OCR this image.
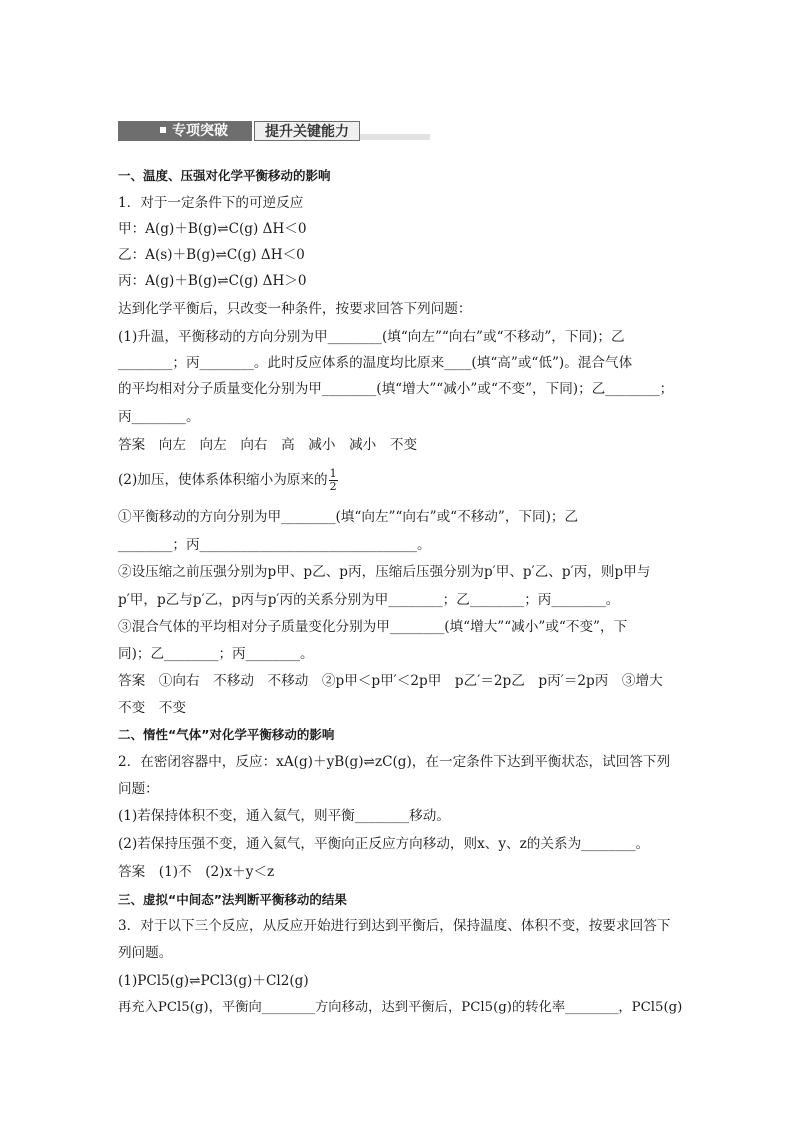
专项突破	提升关键能力

一、温度、压强对化学平衡移动的影响

1．对于一定条件下的可逆反应

甲：A(g)＋B(g)⇌C(g) ΔH＜0

乙：A(s)＋B(g)⇌C(g) ΔH＜0

丙：A(g)＋B(g)⇌C(g) ΔH＞0

达到化学平衡后，只改变一种条件，按要求回答下列问题：

(1)升温，平衡移动的方向分别为甲________(填“向左”“向右”或“不移动”，下同)；乙

________；丙________。此时反应体系的温度均比原来____(填“高”或“低”)。混合气体

的平均相对分子质量变化分别为甲________(填“增大”“减小”或“不变”，下同)；乙________；

丙________。

答案　向左　向左　向右　高　减小　减小　不变

(2)加压，使体系体积缩小为原来的 $\frac{1}{2}$

①平衡移动的方向分别为甲________(填“向左”“向右”或“不移动”，下同)；乙

________；丙________________________________。

②设压缩之前压强分别为p甲、p乙、p丙，压缩后压强分别为p′甲、p′乙、p′丙，则p甲与

p′甲，p乙与p′乙，p丙与p′丙的关系分别为甲________；乙________；丙________。

③混合气体的平均相对分子质量变化分别为甲________(填“增大”“减小”或“不变”，下

同)；乙________；丙________。

答案　①向右　不移动　不移动　②p甲＜p甲′＜2p甲　p乙′＝2p乙　p丙′＝2p丙　③增大

不变　不变

二、惰性“气体”对化学平衡移动的影响

2．在密闭容器中，反应：xA(g)＋yB(g)⇌zC(g)，在一定条件下达到平衡状态，试回答下列

问题：

(1)若保持体积不变，通入氦气，则平衡________移动。

(2)若保持压强不变，通入氦气，平衡向正反应方向移动，则x、y、z的关系为________。

答案　(1)不　(2)x＋y＜z

三、虚拟“中间态”法判断平衡移动的结果

3．对于以下三个反应，从反应开始进行到达到平衡后，保持温度、体积不变，按要求回答下

列问题。

(1)PCl5(g)⇌PCl3(g)＋Cl2(g)

再充入PCl5(g)，平衡向________方向移动，达到平衡后，PCl5(g)的转化率________，PCl5(g)
